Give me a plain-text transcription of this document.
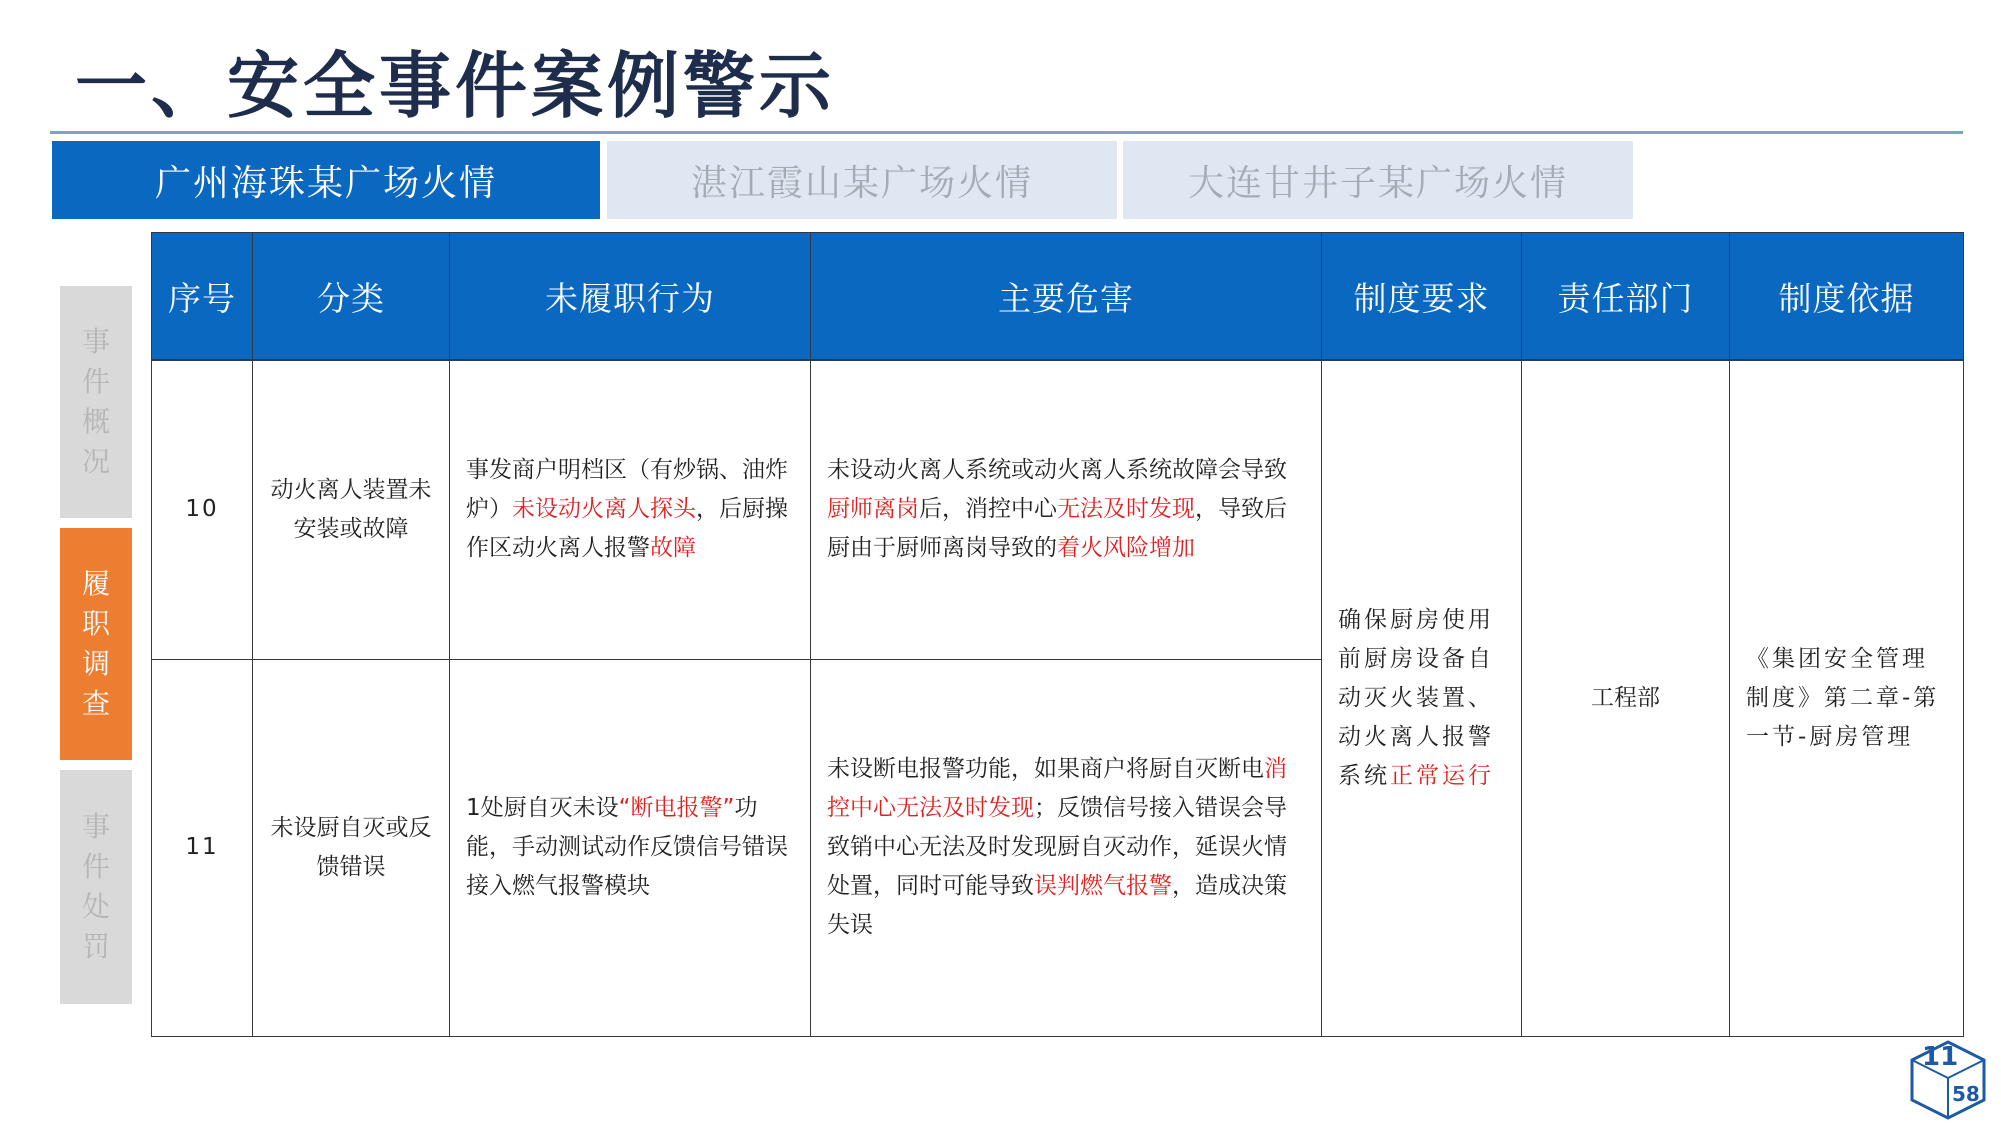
一、安全事件案例警示
广州海珠某广场火情	湛江霞山某广场火情	大连甘井子某广场火情
事
件
概
况
履
职
调
查
事
件
处
罚
序号	分类	未履职行为	主要危害	制度要求	责任部门	制度依据
10	动火离人装置未安装或故障	事发商户明档区（有炒锅、油炸炉）未设动火离人探头，后厨操作区动火离人报警故障	未设动火离人系统或动火离人系统故障会导致厨师离岗后，消控中心无法及时发现，导致后厨由于厨师离岗导致的着火风险增加	确保厨房使用前厨房设备自动灭火装置、动火离人报警系统正常运行	工程部	《集团安全管理制度》第二章-第一节-厨房管理
11	未设厨自灭或反馈错误	1处厨自灭未设“断电报警”功能，手动测试动作反馈信号错误接入燃气报警模块	未设断电报警功能，如果商户将厨自灭断电消控中心无法及时发现；反馈信号接入错误会导致销中心无法及时发现厨自灭动作，延误火情处置，同时可能导致误判燃气报警，造成决策失误			
11
58
